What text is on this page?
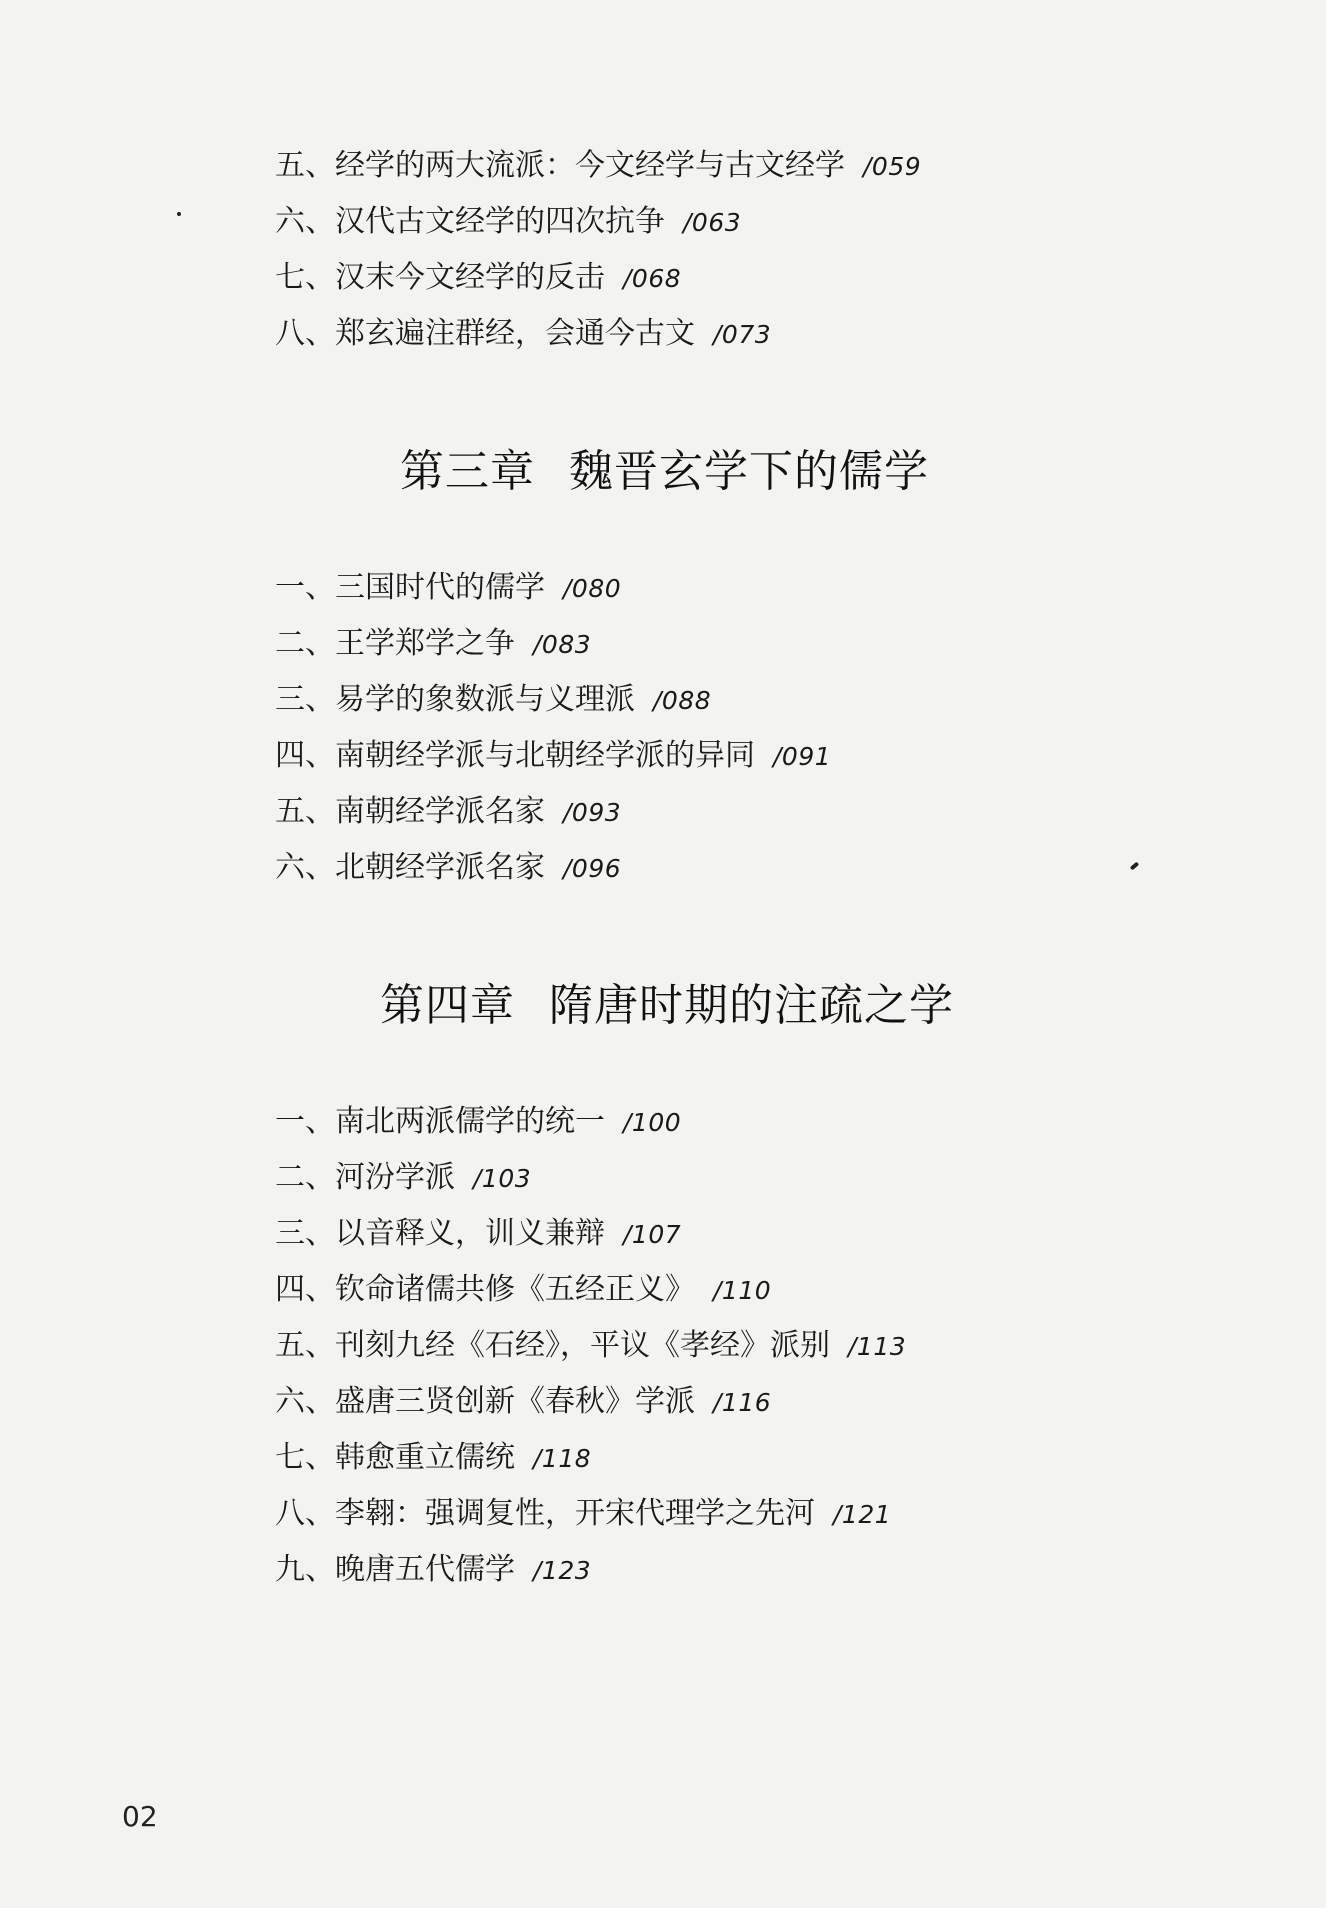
五、经学的两大流派：今文经学与古文经学 /059
六、汉代古文经学的四次抗争 /063
七、汉末今文经学的反击 /068
八、郑玄遍注群经，会通今古文 /073
第三章 魏晋玄学下的儒学
一、三国时代的儒学 /080
二、王学郑学之争 /083
三、易学的象数派与义理派 /088
四、南朝经学派与北朝经学派的异同 /091
五、南朝经学派名家 /093
六、北朝经学派名家 /096
第四章 隋唐时期的注疏之学
一、南北两派儒学的统一 /100
二、河汾学派 /103
三、以音释义，训义兼辩 /107
四、钦命诸儒共修《五经正义》 /110
五、刊刻九经《石经》，平议《孝经》派别 /113
六、盛唐三贤创新《春秋》学派 /116
七、韩愈重立儒统 /118
八、李翱：强调复性，开宋代理学之先河 /121
九、晚唐五代儒学 /123
02
